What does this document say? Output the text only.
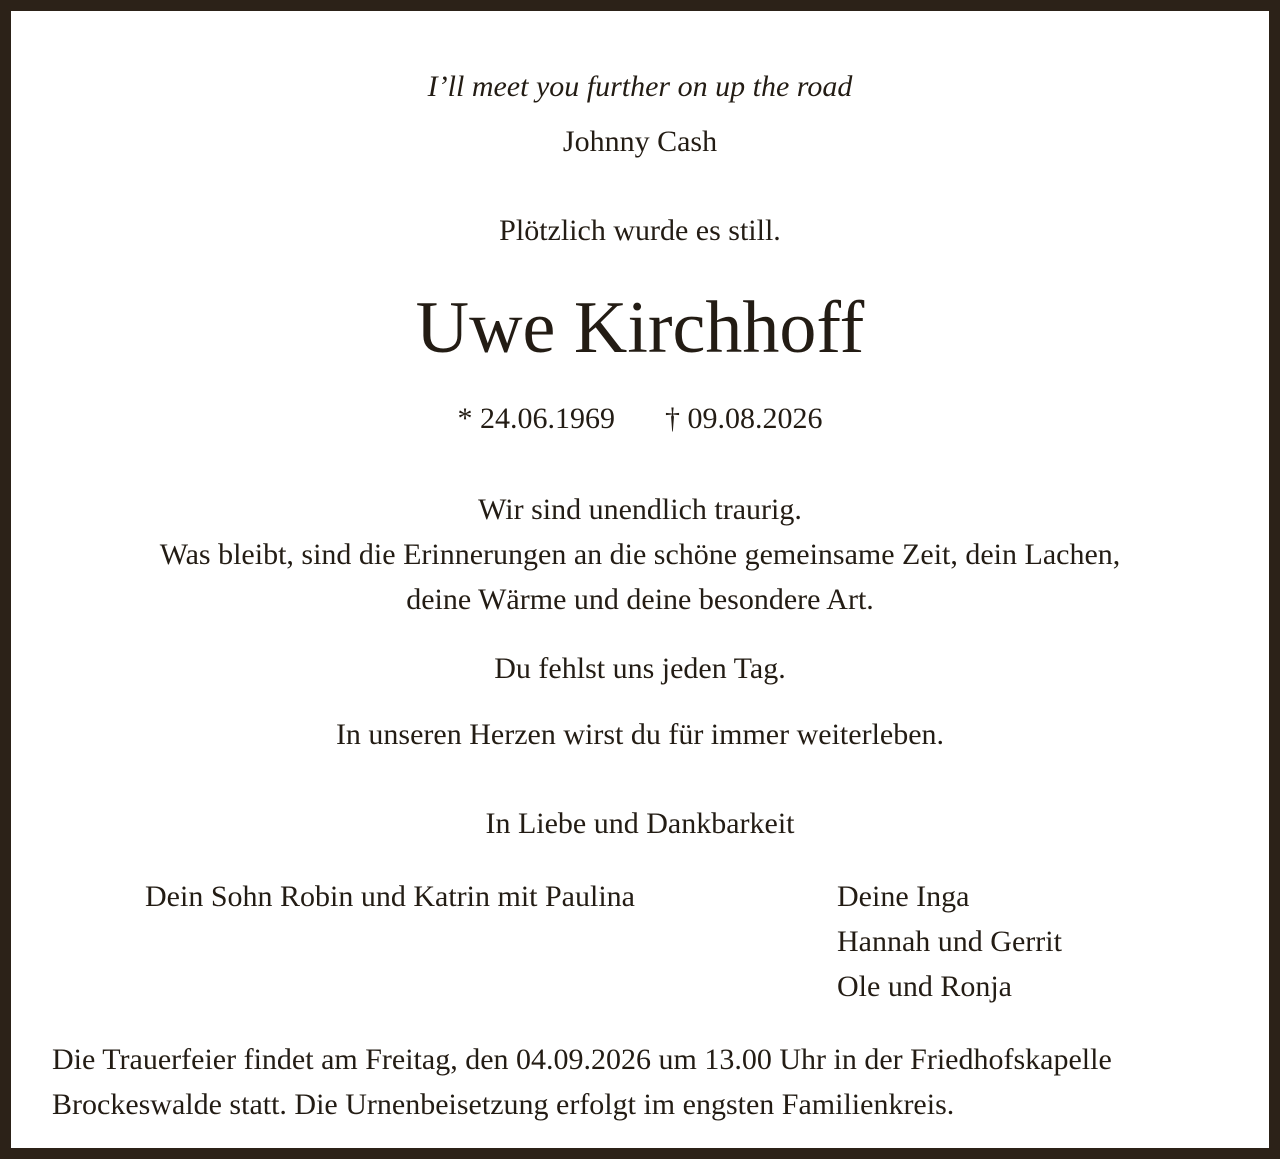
I’ll meet you further on up the road
Johnny Cash
Plötzlich wurde es still.
Uwe Kirchhoff
* 24.06.1969 † 09.08.2026
Wir sind unendlich traurig.
Was bleibt, sind die Erinnerungen an die schöne gemeinsame Zeit, dein Lachen,
deine Wärme und deine besondere Art.
Du fehlst uns jeden Tag.
In unseren Herzen wirst du für immer weiterleben.
In Liebe und Dankbarkeit
Dein Sohn Robin und Katrin mit Paulina	Deine Inga
Hannah und Gerrit
Ole und Ronja
Die Trauerfeier findet am Freitag, den 04.09.2026 um 13.00 Uhr in der Friedhofskapelle
Brockeswalde statt. Die Urnenbeisetzung erfolgt im engsten Familienkreis.
